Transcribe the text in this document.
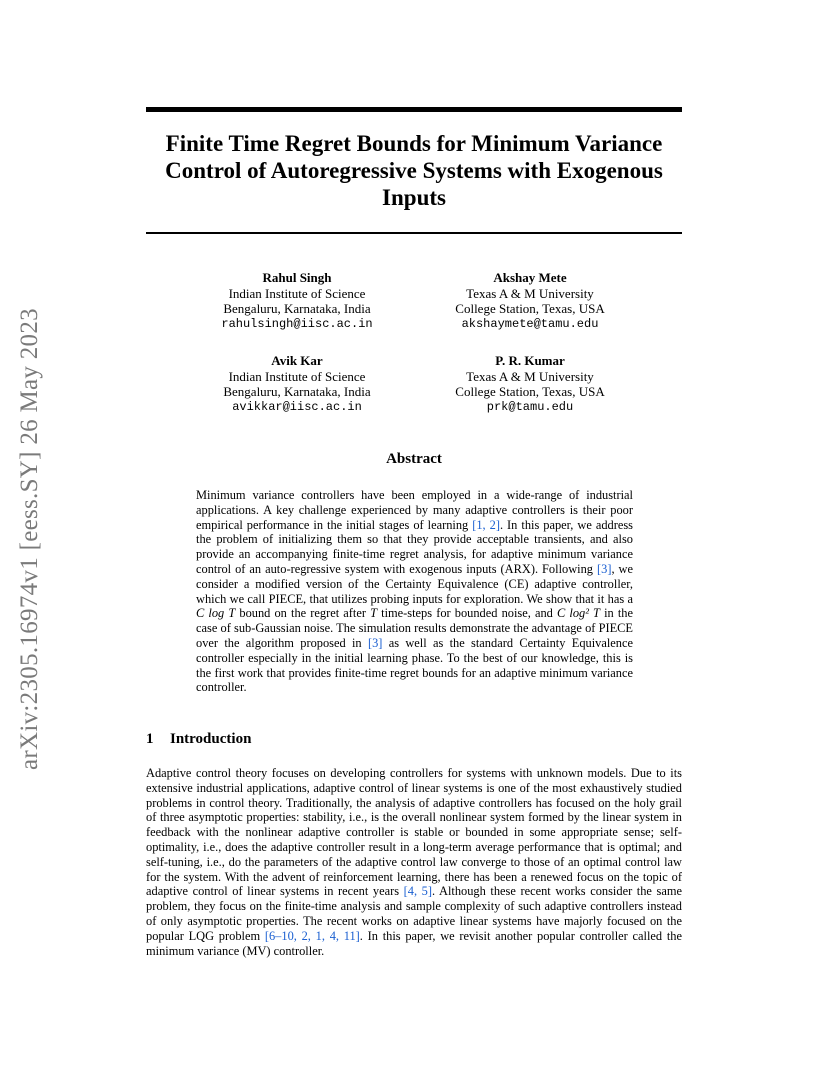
arXiv:2305.16974v1 [eess.SY] 26 May 2023
Finite Time Regret Bounds for Minimum Variance Control of Autoregressive Systems with Exogenous Inputs
Rahul Singh
Indian Institute of Science
Bengaluru, Karnataka, India
rahulsingh@iisc.ac.in
Akshay Mete
Texas A & M University
College Station, Texas, USA
akshaymete@tamu.edu
Avik Kar
Indian Institute of Science
Bengaluru, Karnataka, India
avikkar@iisc.ac.in
P. R. Kumar
Texas A & M University
College Station, Texas, USA
prk@tamu.edu
Abstract
Minimum variance controllers have been employed in a wide-range of industrial applications. A key challenge experienced by many adaptive controllers is their poor empirical performance in the initial stages of learning [1, 2]. In this paper, we address the problem of initializing them so that they provide acceptable transients, and also provide an accompanying finite-time regret analysis, for adaptive minimum variance control of an auto-regressive system with exogenous inputs (ARX). Following [3], we consider a modified version of the Certainty Equivalence (CE) adaptive controller, which we call PIECE, that utilizes probing inputs for exploration. We show that it has a C log T bound on the regret after T time-steps for bounded noise, and C log² T in the case of sub-Gaussian noise. The simulation results demonstrate the advantage of PIECE over the algorithm proposed in [3] as well as the standard Certainty Equivalence controller especially in the initial learning phase. To the best of our knowledge, this is the first work that provides finite-time regret bounds for an adaptive minimum variance controller.
1 Introduction
Adaptive control theory focuses on developing controllers for systems with unknown models. Due to its extensive industrial applications, adaptive control of linear systems is one of the most exhaustively studied problems in control theory. Traditionally, the analysis of adaptive controllers has focused on the holy grail of three asymptotic properties: stability, i.e., is the overall nonlinear system formed by the linear system in feedback with the nonlinear adaptive controller is stable or bounded in some appropriate sense; self-optimality, i.e., does the adaptive controller result in a long-term average performance that is optimal; and self-tuning, i.e., do the parameters of the adaptive control law converge to those of an optimal control law for the system. With the advent of reinforcement learning, there has been a renewed focus on the topic of adaptive control of linear systems in recent years [4, 5]. Although these recent works consider the same problem, they focus on the finite-time analysis and sample complexity of such adaptive controllers instead of only asymptotic properties. The recent works on adaptive linear systems have majorly focused on the popular LQG problem [6–10, 2, 1, 4, 11]. In this paper, we revisit another popular controller called the minimum variance (MV) controller.
